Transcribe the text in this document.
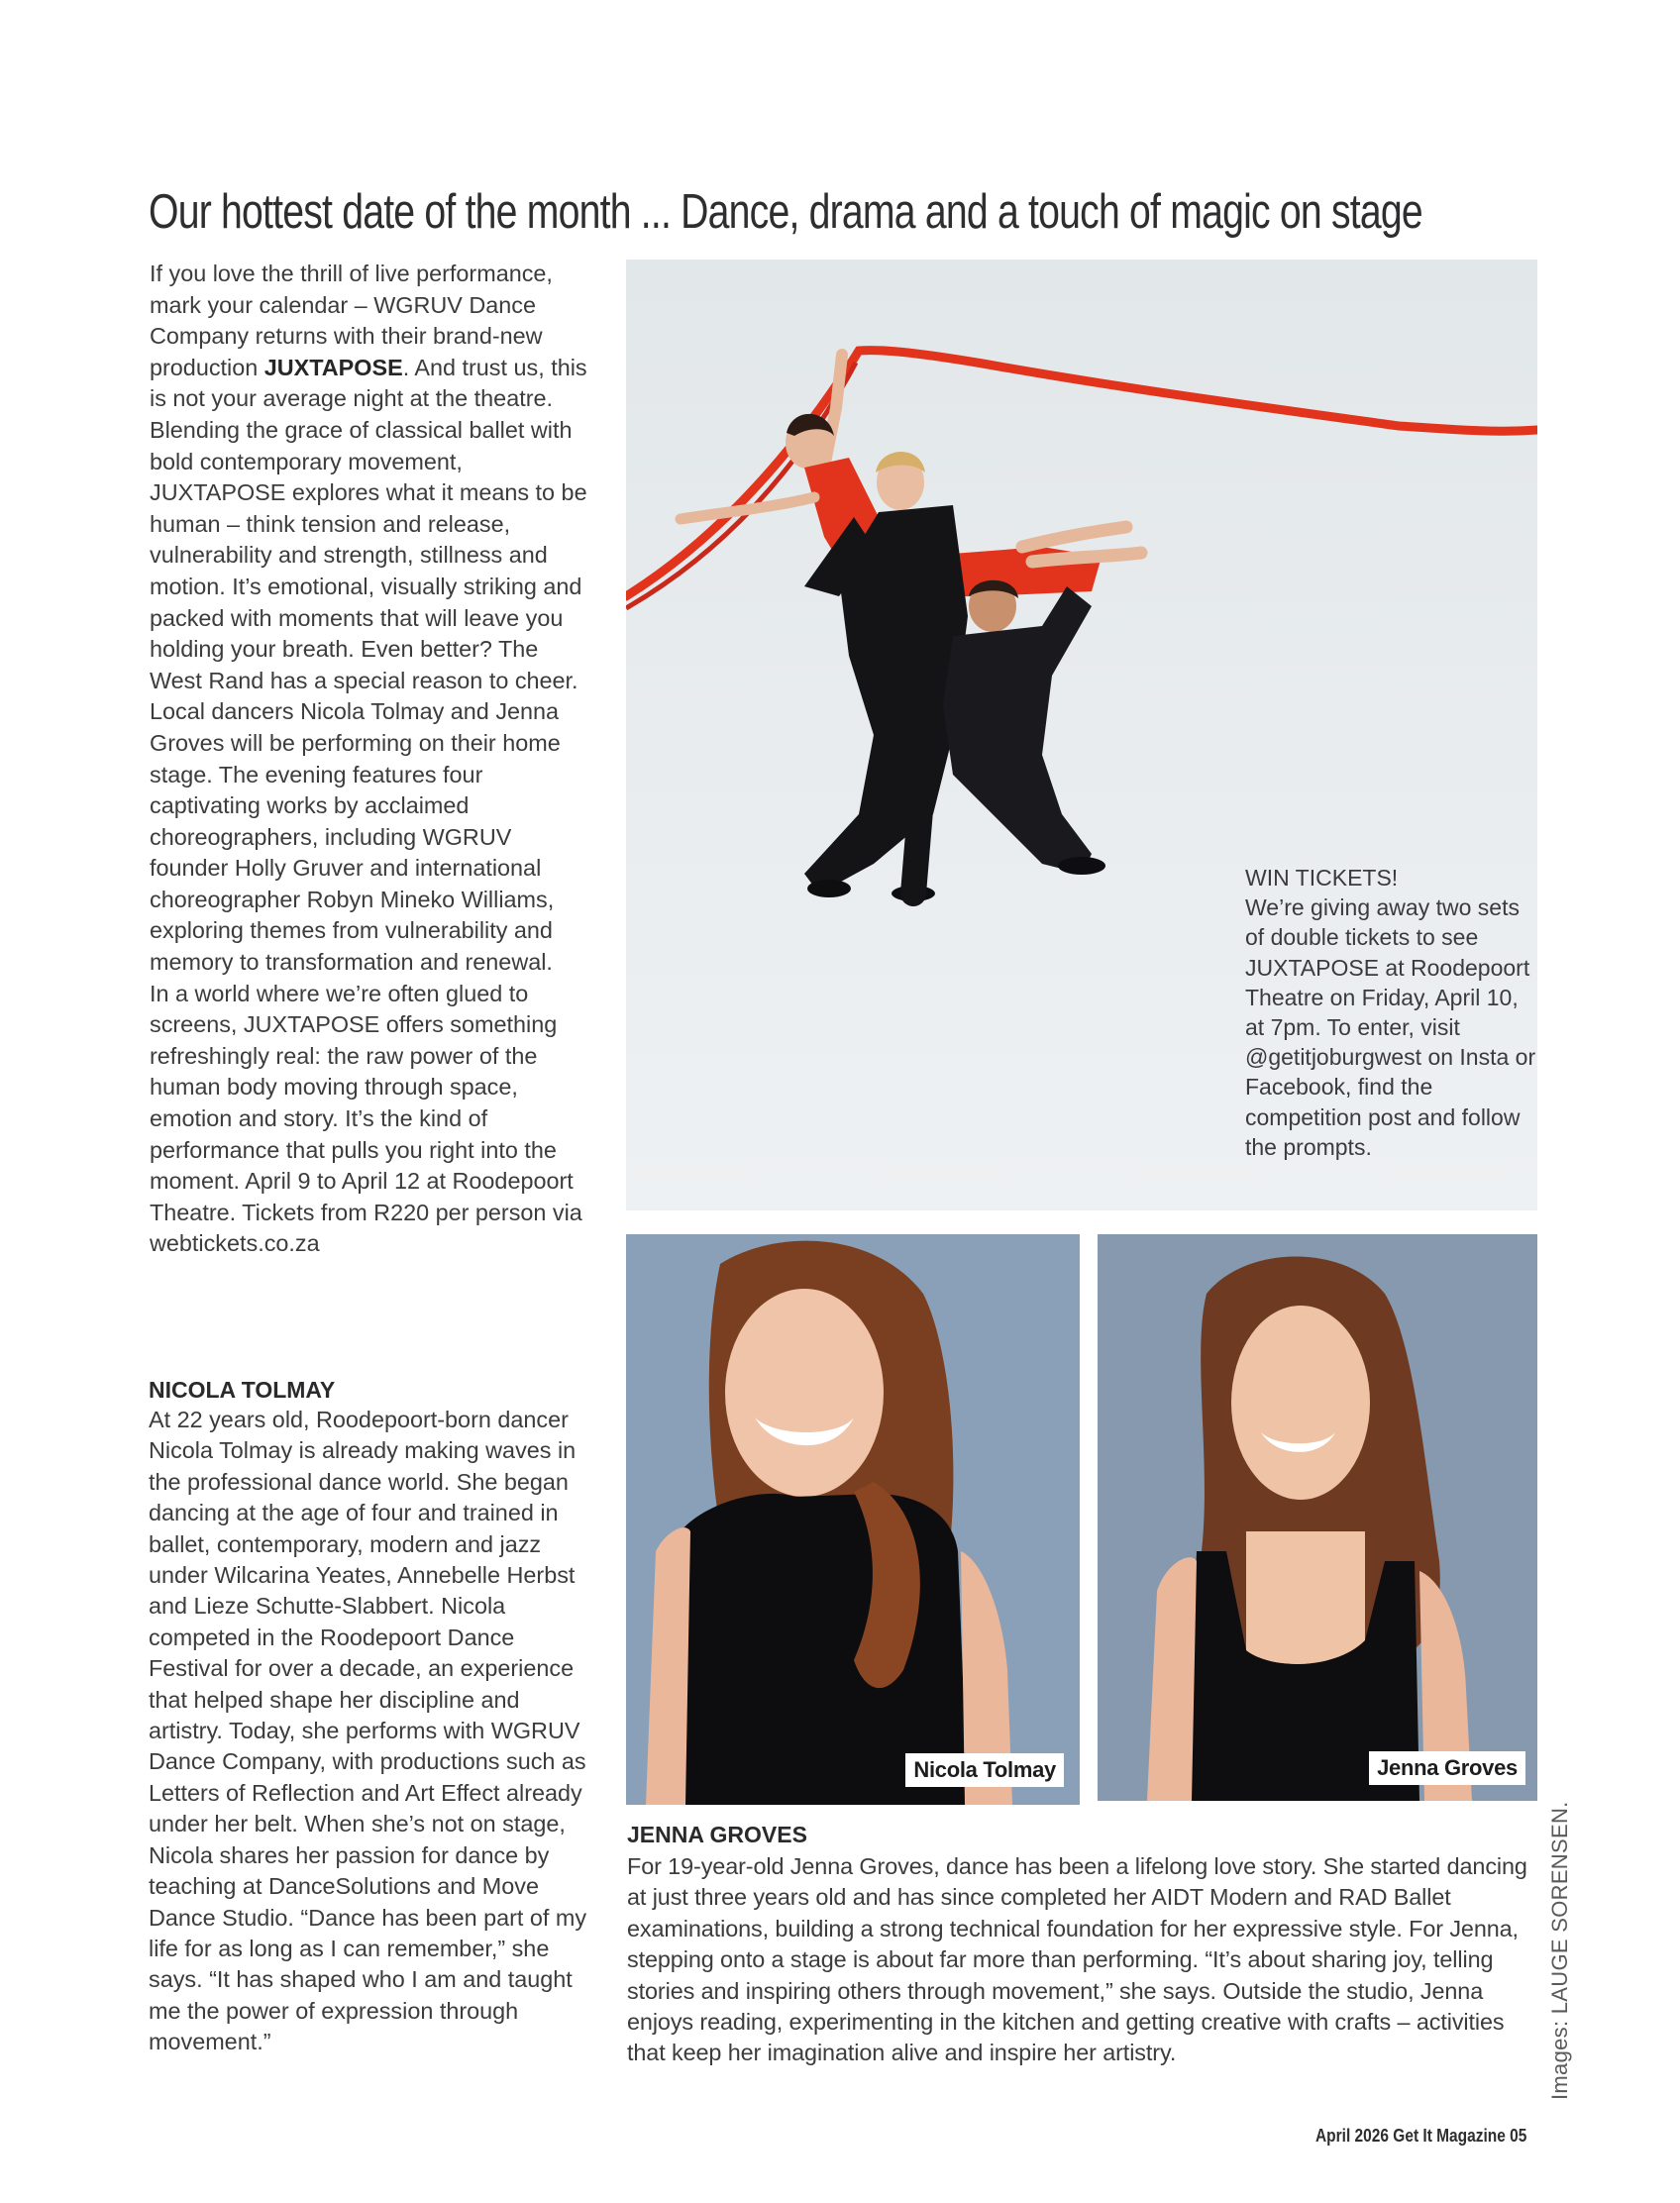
Our hottest date of the month ... Dance, drama and a touch of magic on stage

If you love the thrill of live performance, mark your calendar – WGRUV Dance Company returns with their brand-new production JUXTAPOSE. And trust us, this is not your average night at the theatre. Blending the grace of classical ballet with bold contemporary movement, JUXTAPOSE explores what it means to be human – think tension and release, vulnerability and strength, stillness and motion. It’s emotional, visually striking and packed with moments that will leave you holding your breath. Even better? The West Rand has a special reason to cheer. Local dancers Nicola Tolmay and Jenna Groves will be performing on their home stage. The evening features four captivating works by acclaimed choreographers, including WGRUV founder Holly Gruver and international choreographer Robyn Mineko Williams, exploring themes from vulnerability and memory to transformation and renewal.

In a world where we’re often glued to screens, JUXTAPOSE offers something refreshingly real: the raw power of the human body moving through space, emotion and story. It’s the kind of performance that pulls you right into the moment. April 9 to April 12 at Roodepoort Theatre. Tickets from R220 per person via webtickets.co.za

WIN TICKETS!

We’re giving away two sets of double tickets to see JUXTAPOSE at Roodepoort Theatre on Friday, April 10, at 7pm. To enter, visit @getitjoburgwest on Insta or Facebook, find the competition post and follow the prompts.

Nicola Tolmay	Jenna Groves

NICOLA TOLMAY

At 22 years old, Roodepoort-born dancer Nicola Tolmay is already making waves in the professional dance world. She began dancing at the age of four and trained in ballet, contemporary, modern and jazz under Wilcarina Yeates, Annebelle Herbst and Lieze Schutte-Slabbert. Nicola competed in the Roodepoort Dance Festival for over a decade, an experience that helped shape her discipline and artistry. Today, she performs with WGRUV Dance Company, with productions such as Letters of Reflection and Art Effect already under her belt. When she’s not on stage, Nicola shares her passion for dance by teaching at DanceSolutions and Move Dance Studio. “Dance has been part of my life for as long as I can remember,” she says. “It has shaped who I am and taught me the power of expression through movement.”

JENNA GROVES

For 19-year-old Jenna Groves, dance has been a lifelong love story. She started dancing at just three years old and has since completed her AIDT Modern and RAD Ballet examinations, building a strong technical foundation for her expressive style. For Jenna, stepping onto a stage is about far more than performing. “It’s about sharing joy, telling stories and inspiring others through movement,” she says. Outside the studio, Jenna enjoys reading, experimenting in the kitchen and getting creative with crafts – activities that keep her imagination alive and inspire her artistry.	Images: LAUGE SORENSEN.
April 2026 Get It Magazine 05
